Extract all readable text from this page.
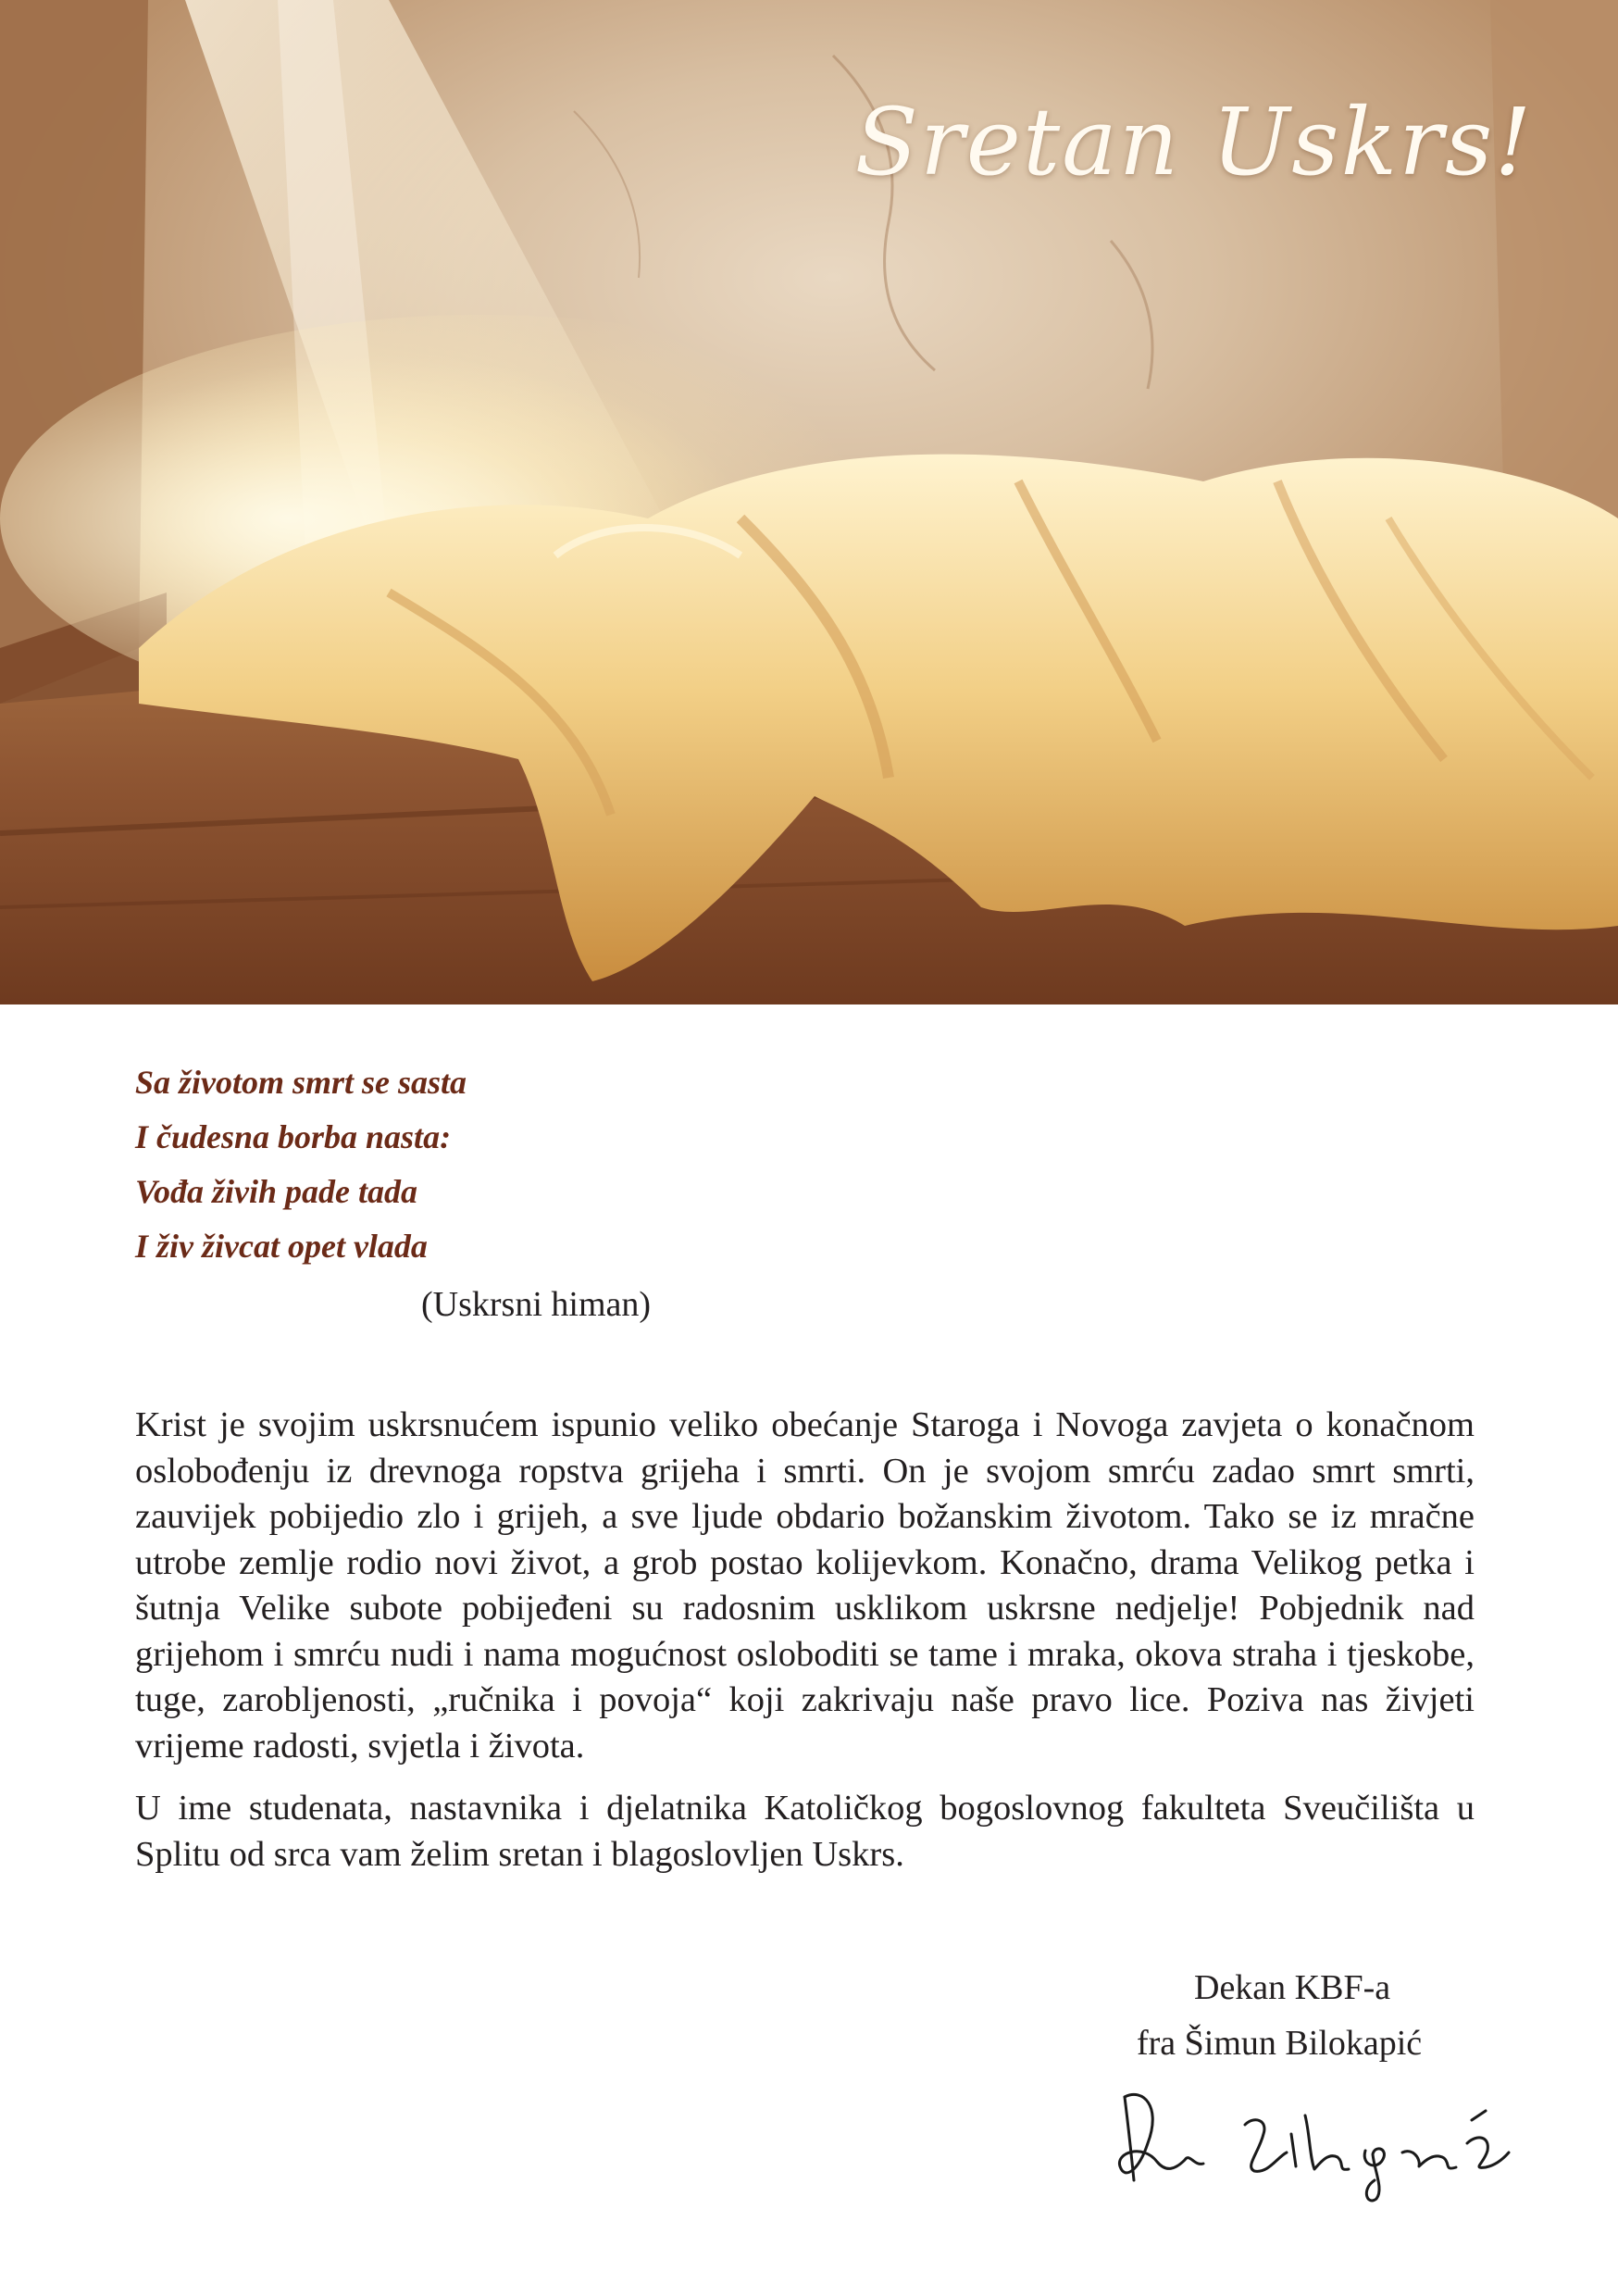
Sretan Uskrs!
Sa životom smrt se sasta
I čudesna borba nasta:
Vođa živih pade tada
I živ živcat opet vlada
(Uskrsni himan)

Krist je svojim uskrsnućem ispunio veliko obećanje Staroga i Novoga zavjeta o konačnom oslobođenju iz drevnoga ropstva grijeha i smrti. On je svojom smrću zadao smrt smrti, zauvijek pobijedio zlo i grijeh, a sve ljude obdario božanskim životom. Tako se iz mračne utrobe zemlje rodio novi život, a grob postao kolijevkom. Konačno, drama Velikog petka i šutnja Velike subote pobijeđeni su radosnim usklikom uskrsne nedjelje! Pobjednik nad grijehom i smrću nudi i nama mogućnost osloboditi se tame i mraka, okova straha i tjeskobe, tuge, zarobljenosti, „ručnika i povoja“ koji zakrivaju naše pravo lice. Poziva nas živjeti vrijeme radosti, svjetla i života.

U ime studenata, nastavnika i djelatnika Katoličkog bogoslovnog fakulteta Sveučilišta u Splitu od srca vam želim sretan i blagoslovljen Uskrs.

Dekan KBF-a
fra Šimun Bilokapić
